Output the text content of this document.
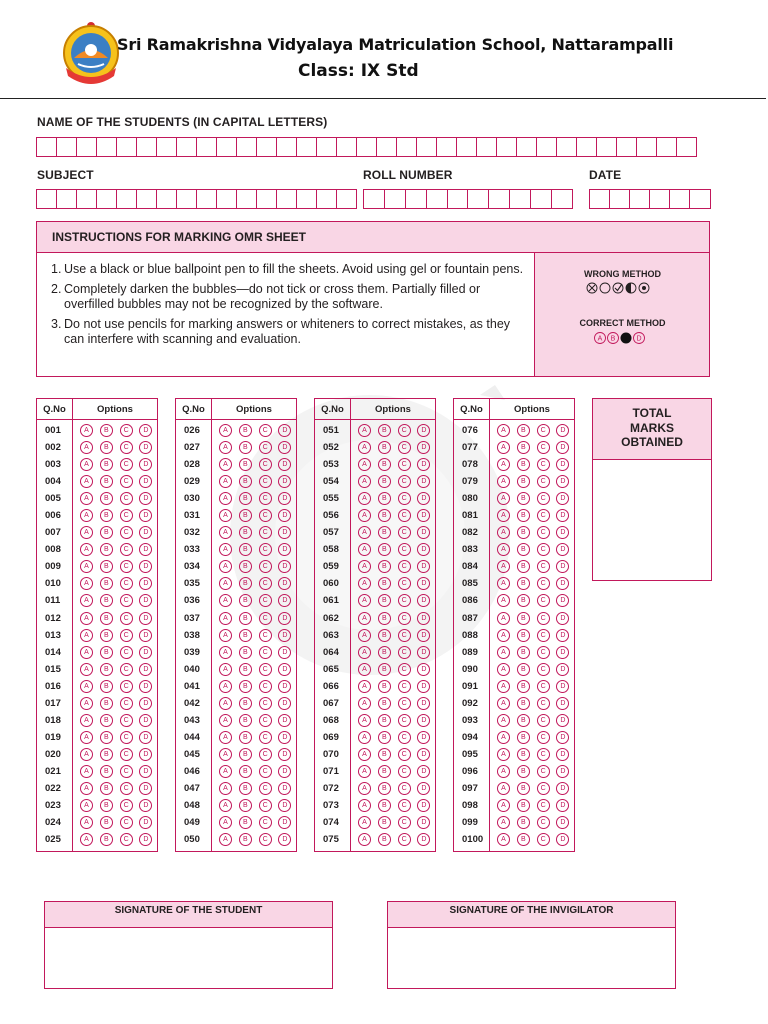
Sri Ramakrishna Vidyalaya Matriculation School, Nattarampalli
Class: IX Std
NAME OF THE STUDENTS (IN CAPITAL LETTERS)
SUBJECT	ROLL NUMBER	DATE
INSTRUCTIONS FOR MARKING OMR SHEET
1. Use a black or blue ballpoint pen to fill the sheets. Avoid using gel or fountain pens.
2. Completely darken the bubbles—do not tick or cross them. Partially filled or overfilled bubbles may not be recognized by the software.
3. Do not use pencils for marking answers or whiteners to correct mistakes, as they can interfere with scanning and evaluation.
WRONG METHOD
CORRECT METHOD
A B	D
Q.No	Options
001	A	B	C	D
002	A	B	C	D
003	A	B	C	D
004	A	B	C	D
005	A	B	C	D
006	A	B	C	D
007	A	B	C	D
008	A	B	C	D
009	A	B	C	D
010	A	B	C	D
011	A	B	C	D
012	A	B	C	D
013	A	B	C	D
014	A	B	C	D
015	A	B	C	D
016	A	B	C	D
017	A	B	C	D
018	A	B	C	D
019	A	B	C	D
020	A	B	C	D
021	A	B	C	D
022	A	B	C	D
023	A	B	C	D
024	A	B	C	D
025	A	B	C	D
Q.No	Options
026	A	B	C	D
027	A	B	C	D
028	A	B	C	D
029	A	B	C	D
030	A	B	C	D
031	A	B	C	D
032	A	B	C	D
033	A	B	C	D
034	A	B	C	D
035	A	B	C	D
036	A	B	C	D
037	A	B	C	D
038	A	B	C	D
039	A	B	C	D
040	A	B	C	D
041	A	B	C	D
042	A	B	C	D
043	A	B	C	D
044	A	B	C	D
045	A	B	C	D
046	A	B	C	D
047	A	B	C	D
048	A	B	C	D
049	A	B	C	D
050	A	B	C	D
Q.No	Options
051	A	B	C	D
052	A	B	C	D
053	A	B	C	D
054	A	B	C	D
055	A	B	C	D
056	A	B	C	D
057	A	B	C	D
058	A	B	C	D
059	A	B	C	D
060	A	B	C	D
061	A	B	C	D
062	A	B	C	D
063	A	B	C	D
064	A	B	C	D
065	A	B	C	D
066	A	B	C	D
067	A	B	C	D
068	A	B	C	D
069	A	B	C	D
070	A	B	C	D
071	A	B	C	D
072	A	B	C	D
073	A	B	C	D
074	A	B	C	D
075	A	B	C	D
Q.No	Options
076	A	B	C	D
077	A	B	C	D
078	A	B	C	D
079	A	B	C	D
080	A	B	C	D
081	A	B	C	D
082	A	B	C	D
083	A	B	C	D
084	A	B	C	D
085	A	B	C	D
086	A	B	C	D
087	A	B	C	D
088	A	B	C	D
089	A	B	C	D
090	A	B	C	D
091	A	B	C	D
092	A	B	C	D
093	A	B	C	D
094	A	B	C	D
095	A	B	C	D
096	A	B	C	D
097	A	B	C	D
098	A	B	C	D
099	A	B	C	D
0100	A	B	C	D
TOTAL
MARKS
OBTAINED
SIGNATURE OF THE STUDENT	SIGNATURE OF THE INVIGILATOR
